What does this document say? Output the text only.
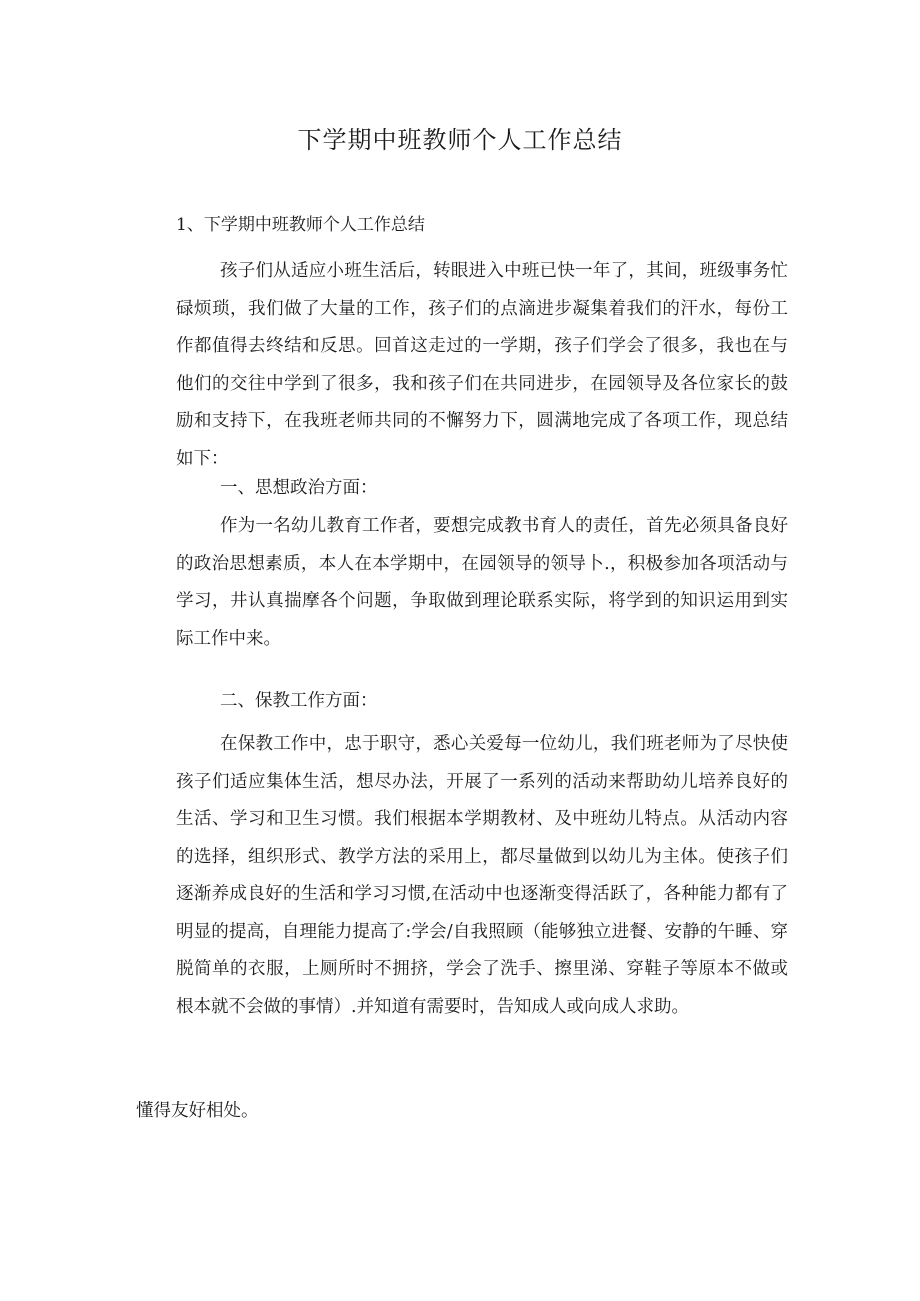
下学期中班教师个人工作总结

1、下学期中班教师个人工作总结

孩子们从适应小班生活后，转眼进入中班已快一年了，其间，班级事务忙碌烦琐，我们做了大量的工作，孩子们的点滴进步凝集着我们的汗水，每份工作都值得去终结和反思。回首这走过的一学期，孩子们学会了很多，我也在与他们的交往中学到了很多，我和孩子们在共同进步，在园领导及各位家长的鼓励和支持下，在我班老师共同的不懈努力下，圆满地完成了各项工作，现总结如下：

一、思想政治方面：

作为一名幼儿教育工作者，要想完成教书育人的责任，首先必须具备良好的政治思想素质，本人在本学期中，在园领导的领导卜.，积极参加各项活动与学习，井认真揣摩各个问题，争取做到理论联系实际，将学到的知识运用到实际工作中来。

二、保教工作方面：

在保教工作中，忠于职守，悉心关爱每一位幼儿，我们班老师为了尽快使孩子们适应集体生活，想尽办法，开展了一系列的活动来帮助幼儿培养良好的生活、学习和卫生习惯。我们根据本学期教材、及中班幼儿特点。从活动内容的选择，组织形式、教学方法的采用上，都尽量做到以幼儿为主体。使孩子们逐渐养成良好的生活和学习习惯,在活动中也逐渐变得活跃了，各种能力都有了明显的提高，自理能力提高了:学会/自我照顾（能够独立进餐、安静的午睡、穿脱简单的衣服，上厕所时不拥挤，学会了洗手、擦里涕、穿鞋子等原本不做或根本就不会做的事情）.并知道有需要时，告知成人或向成人求助。

懂得友好相处。
